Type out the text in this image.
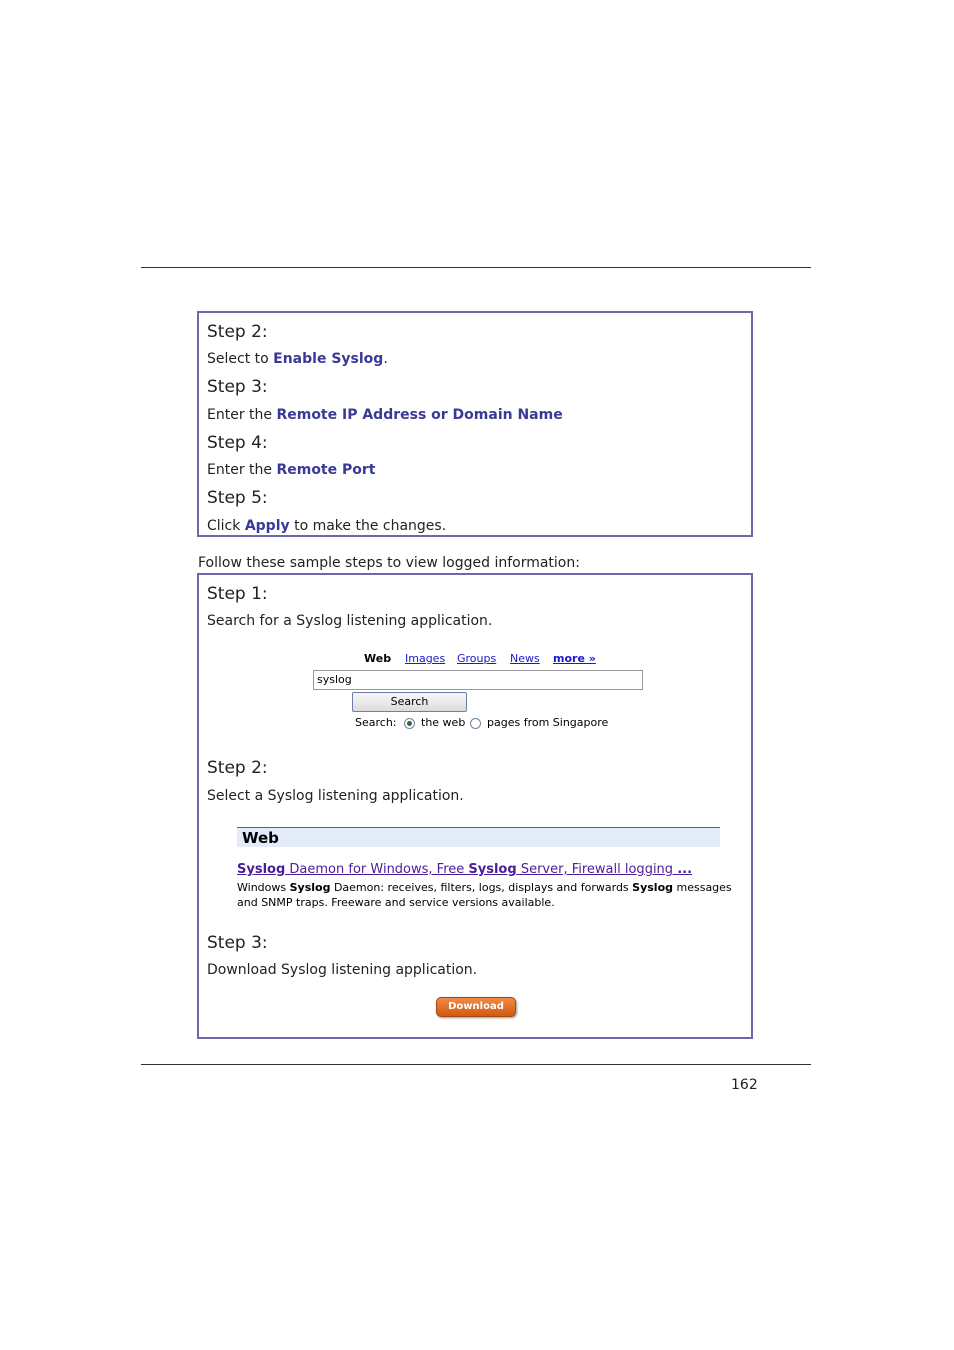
Step 2:
Select to Enable Syslog.
Step 3:
Enter the Remote IP Address or Domain Name
Step 4:
Enter the Remote Port
Step 5:
Click Apply to make the changes.
Follow these sample steps to view logged information:
Step 1:
Search for a Syslog listening application.
Web Images Groups News more »
syslog
Search
Search: the web pages from Singapore
Step 2:
Select a Syslog listening application.
Web
Syslog Daemon for Windows, Free Syslog Server, Firewall logging ...
Windows Syslog Daemon: receives, filters, logs, displays and forwards Syslog messages
and SNMP traps. Freeware and service versions available.
Step 3:
Download Syslog listening application.
Download Now
162
